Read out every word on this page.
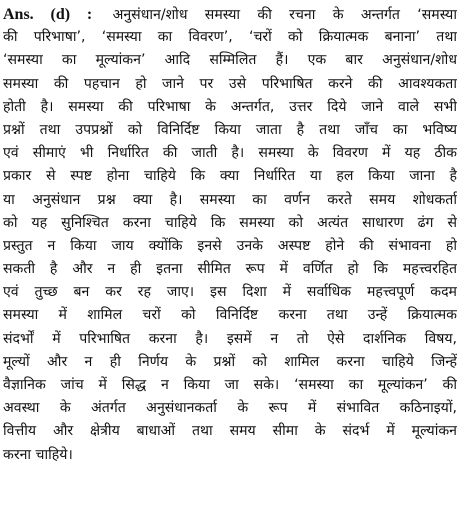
Ans. (d) : अनुसंधान/शोध समस्या की रचना के अन्तर्गत ‘समस्या
की परिभाषा’, ‘समस्या का विवरण’, ‘चरों को क्रियात्मक बनाना’ तथा
‘समस्या का मूल्यांकन’ आदि सम्मिलित हैं। एक बार अनुसंधान/शोध
समस्या की पहचान हो जाने पर उसे परिभाषित करने की आवश्यकता
होती है। समस्या की परिभाषा के अन्तर्गत, उत्तर दिये जाने वाले सभी
प्रश्नों तथा उपप्रश्नों को विनिर्दिष्ट किया जाता है तथा जाँच का भविष्य
एवं सीमाएं भी निर्धारित की जाती है। समस्या के विवरण में यह ठीक
प्रकार से स्पष्ट होना चाहिये कि क्या निर्धारित या हल किया जाना है
या अनुसंधान प्रश्न क्या है। समस्या का वर्णन करते समय शोधकर्ता
को यह सुनिश्चित करना चाहिये कि समस्या को अत्यंत साधारण ढंग से
प्रस्तुत न किया जाय क्योंकि इनसे उनके अस्पष्ट होने की संभावना हो
सकती है और न ही इतना सीमित रूप में वर्णित हो कि महत्त्वरहित
एवं तुच्छ बन कर रह जाए। इस दिशा में सर्वाधिक महत्त्वपूर्ण कदम
समस्या में शामिल चरों को विनिर्दिष्ट करना तथा उन्हें क्रियात्मक
संदर्भों में परिभाषित करना है। इसमें न तो ऐसे दार्शनिक विषय,
मूल्यों और न ही निर्णय के प्रश्नों को शामिल करना चाहिये जिन्हें
वैज्ञानिक जांच में सिद्ध न किया जा सके। ‘समस्या का मूल्यांकन’ की
अवस्था के अंतर्गत अनुसंधानकर्ता के रूप में संभावित कठिनाइयों,
वित्तीय और क्षेत्रीय बाधाओं तथा समय सीमा के संदर्भ में मूल्यांकन
करना चाहिये।
